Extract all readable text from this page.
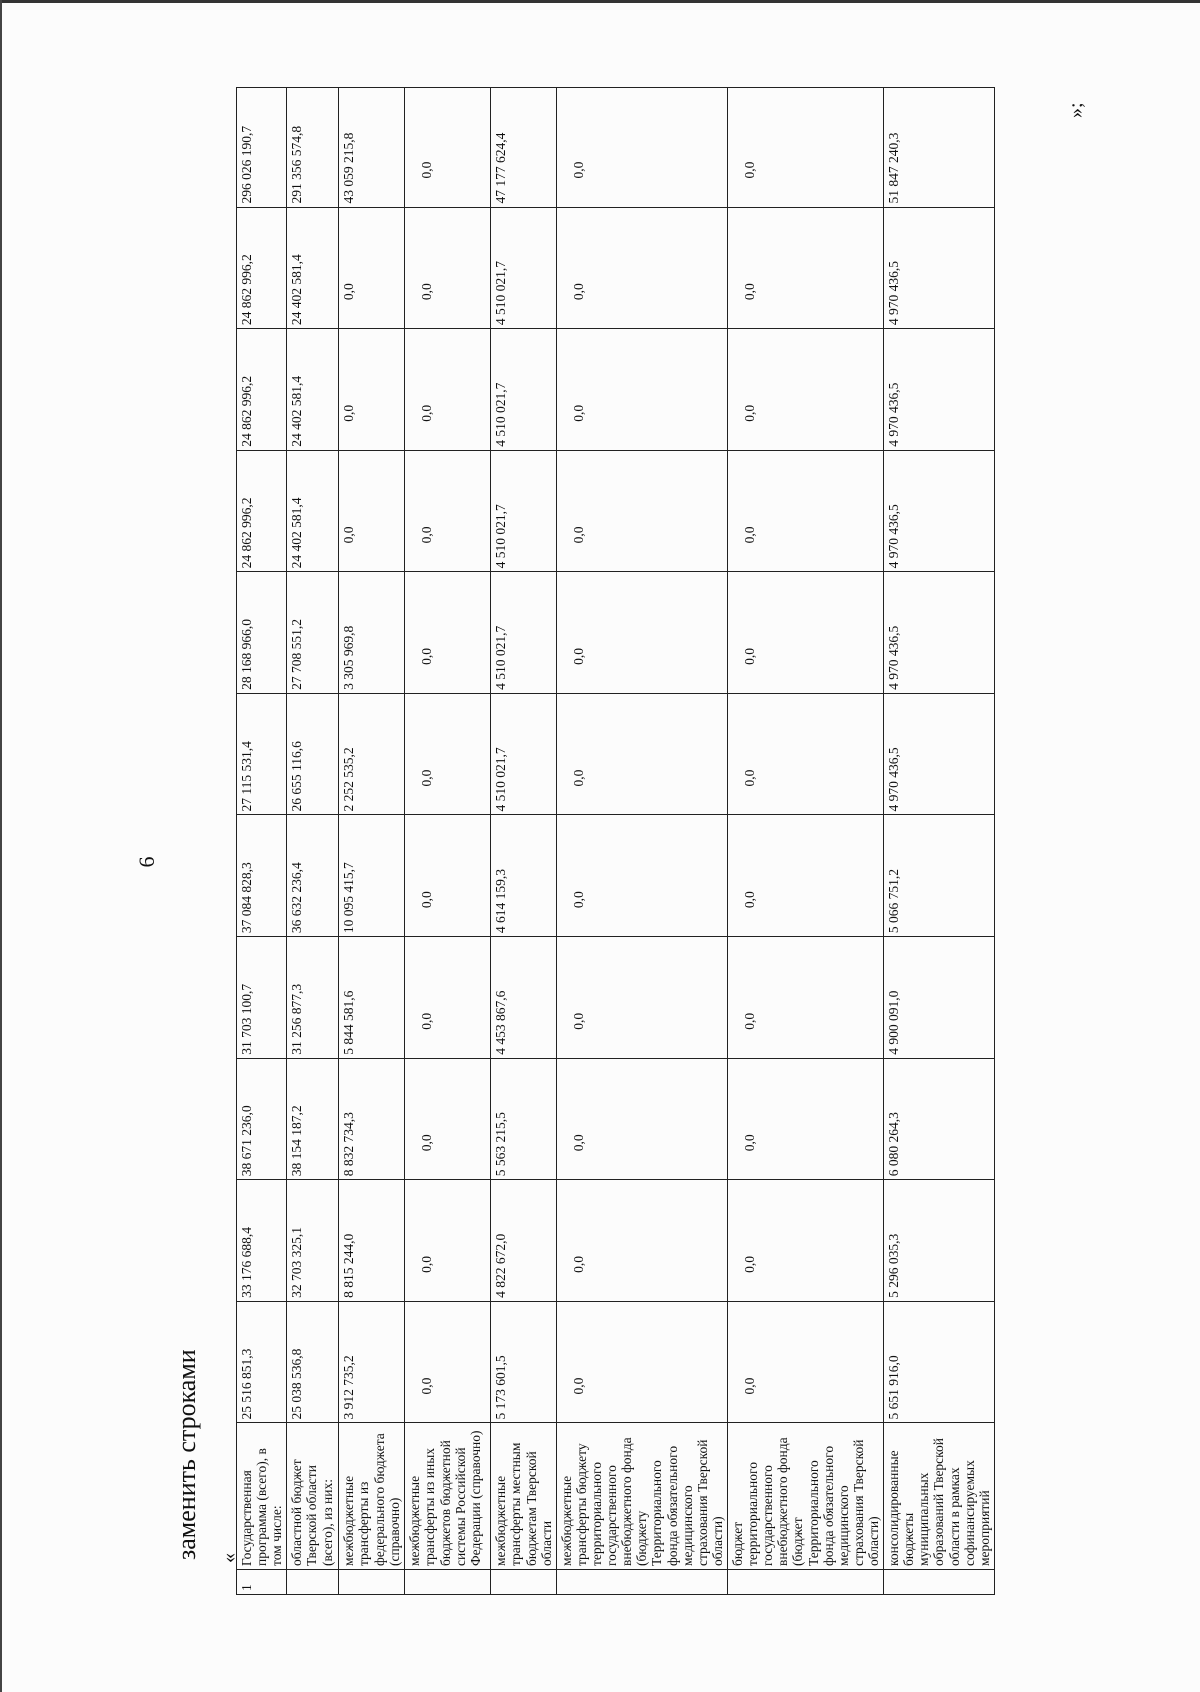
6
заменить строками «
»;
1	Государственная программа (всего), в том числе:	25 516 851,3	33 176 688,4	38 671 236,0	31 703 100,7	37 084 828,3	27 115 531,4	28 168 966,0	24 862 996,2	24 862 996,2	24 862 996,2	296 026 190,7
	областной бюджет Тверской области (всего), из них:	25 038 536,8	32 703 325,1	38 154 187,2	31 256 877,3	36 632 236,4	26 655 116,6	27 708 551,2	24 402 581,4	24 402 581,4	24 402 581,4	291 356 574,8
	межбюджетные трансферты из федерального бюджета (справочно)	3 912 735,2	8 815 244,0	8 832 734,3	5 844 581,6	10 095 415,7	2 252 535,2	3 305 969,8	0,0	0,0	0,0	43 059 215,8
	межбюджетные трансферты из иных бюджетов бюджетной системы Российской Федерации (справочно)	0,0	0,0	0,0	0,0	0,0	0,0	0,0	0,0	0,0	0,0	0,0
	межбюджетные трансферты местным бюджетам Тверской области	5 173 601,5	4 822 672,0	5 563 215,5	4 453 867,6	4 614 159,3	4 510 021,7	4 510 021,7	4 510 021,7	4 510 021,7	4 510 021,7	47 177 624,4
	межбюджетные трансферты бюджету территориального государственного внебюджетного фонда (бюджету Территориального фонда обязательного медицинского страхования Тверской области)	0,0	0,0	0,0	0,0	0,0	0,0	0,0	0,0	0,0	0,0	0,0
	бюджет территориального государственного внебюджетного фонда (бюджет Территориального фонда обязательного медицинского страхования Тверской области)	0,0	0,0	0,0	0,0	0,0	0,0	0,0	0,0	0,0	0,0	0,0
	консолидированные бюджеты муниципальных образований Тверской области в рамках софинансируемых мероприятий	5 651 916,0	5 296 035,3	6 080 264,3	4 900 091,0	5 066 751,2	4 970 436,5	4 970 436,5	4 970 436,5	4 970 436,5	4 970 436,5	51 847 240,3
